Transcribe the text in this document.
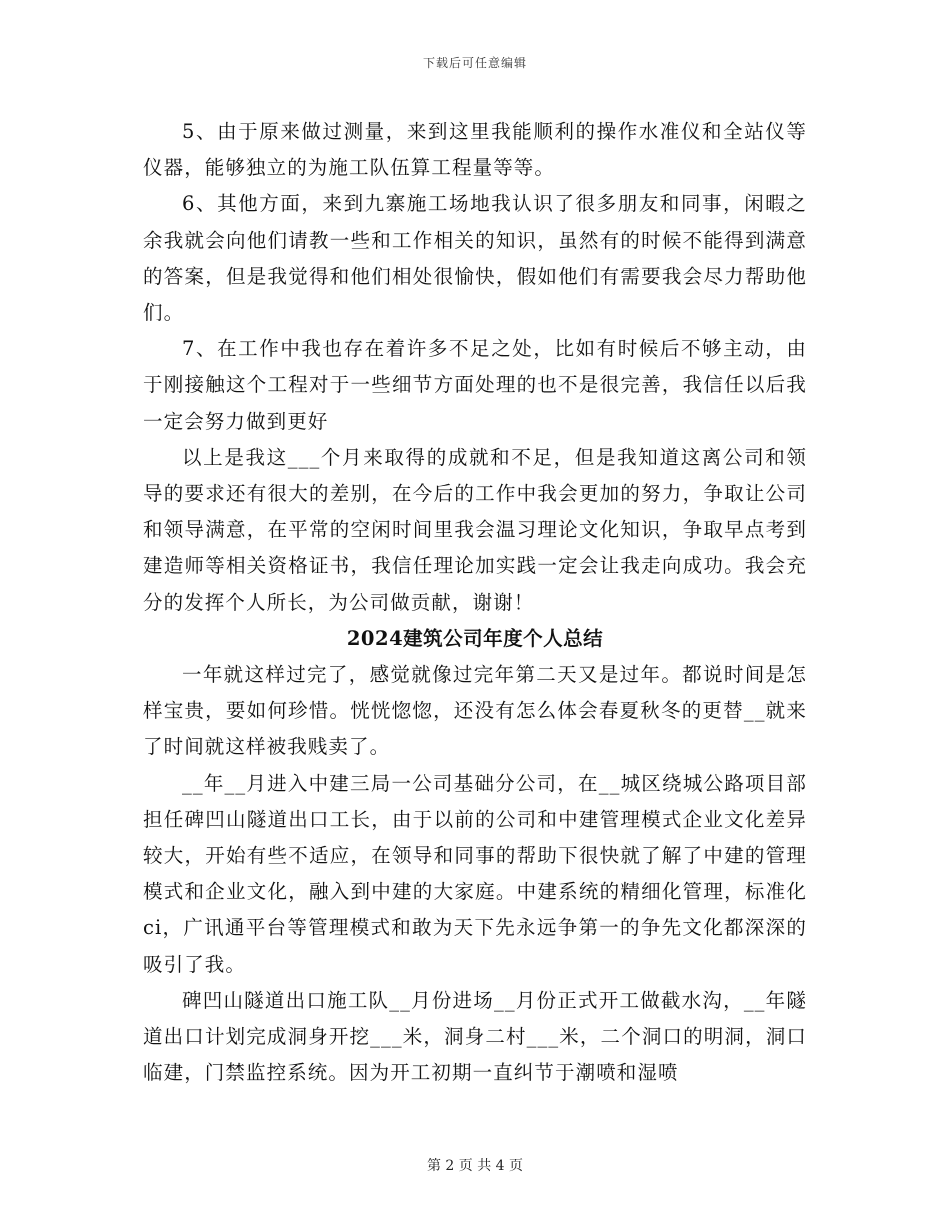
下载后可任意编辑

5、由于原来做过测量，来到这里我能顺利的操作水准仪和全站仪等仪器，能够独立的为施工队伍算工程量等等。

6、其他方面，来到九寨施工场地我认识了很多朋友和同事，闲暇之余我就会向他们请教一些和工作相关的知识，虽然有的时候不能得到满意的答案，但是我觉得和他们相处很愉快，假如他们有需要我会尽力帮助他们。

7、在工作中我也存在着许多不足之处，比如有时候后不够主动，由于刚接触这个工程对于一些细节方面处理的也不是很完善，我信任以后我一定会努力做到更好

以上是我这___个月来取得的成就和不足，但是我知道这离公司和领导的要求还有很大的差别，在今后的工作中我会更加的努力，争取让公司和领导满意，在平常的空闲时间里我会温习理论文化知识，争取早点考到建造师等相关资格证书，我信任理论加实践一定会让我走向成功。我会充分的发挥个人所长，为公司做贡献，谢谢！

2024建筑公司年度个人总结

一年就这样过完了，感觉就像过完年第二天又是过年。都说时间是怎样宝贵，要如何珍惜。恍恍惚惚，还没有怎么体会春夏秋冬的更替__就来了时间就这样被我贱卖了。

__年__月进入中建三局一公司基础分公司，在__城区绕城公路项目部担任碑凹山隧道出口工长，由于以前的公司和中建管理模式企业文化差异较大，开始有些不适应，在领导和同事的帮助下很快就了解了中建的管理模式和企业文化，融入到中建的大家庭。中建系统的精细化管理，标准化ci，广讯通平台等管理模式和敢为天下先永远争第一的争先文化都深深的吸引了我。

碑凹山隧道出口施工队__月份进场__月份正式开工做截水沟，__年隧道出口计划完成洞身开挖___米，洞身二村___米，二个洞口的明洞，洞口临建，门禁监控系统。因为开工初期一直纠节于潮喷和湿喷

第 2 页 共 4 页
